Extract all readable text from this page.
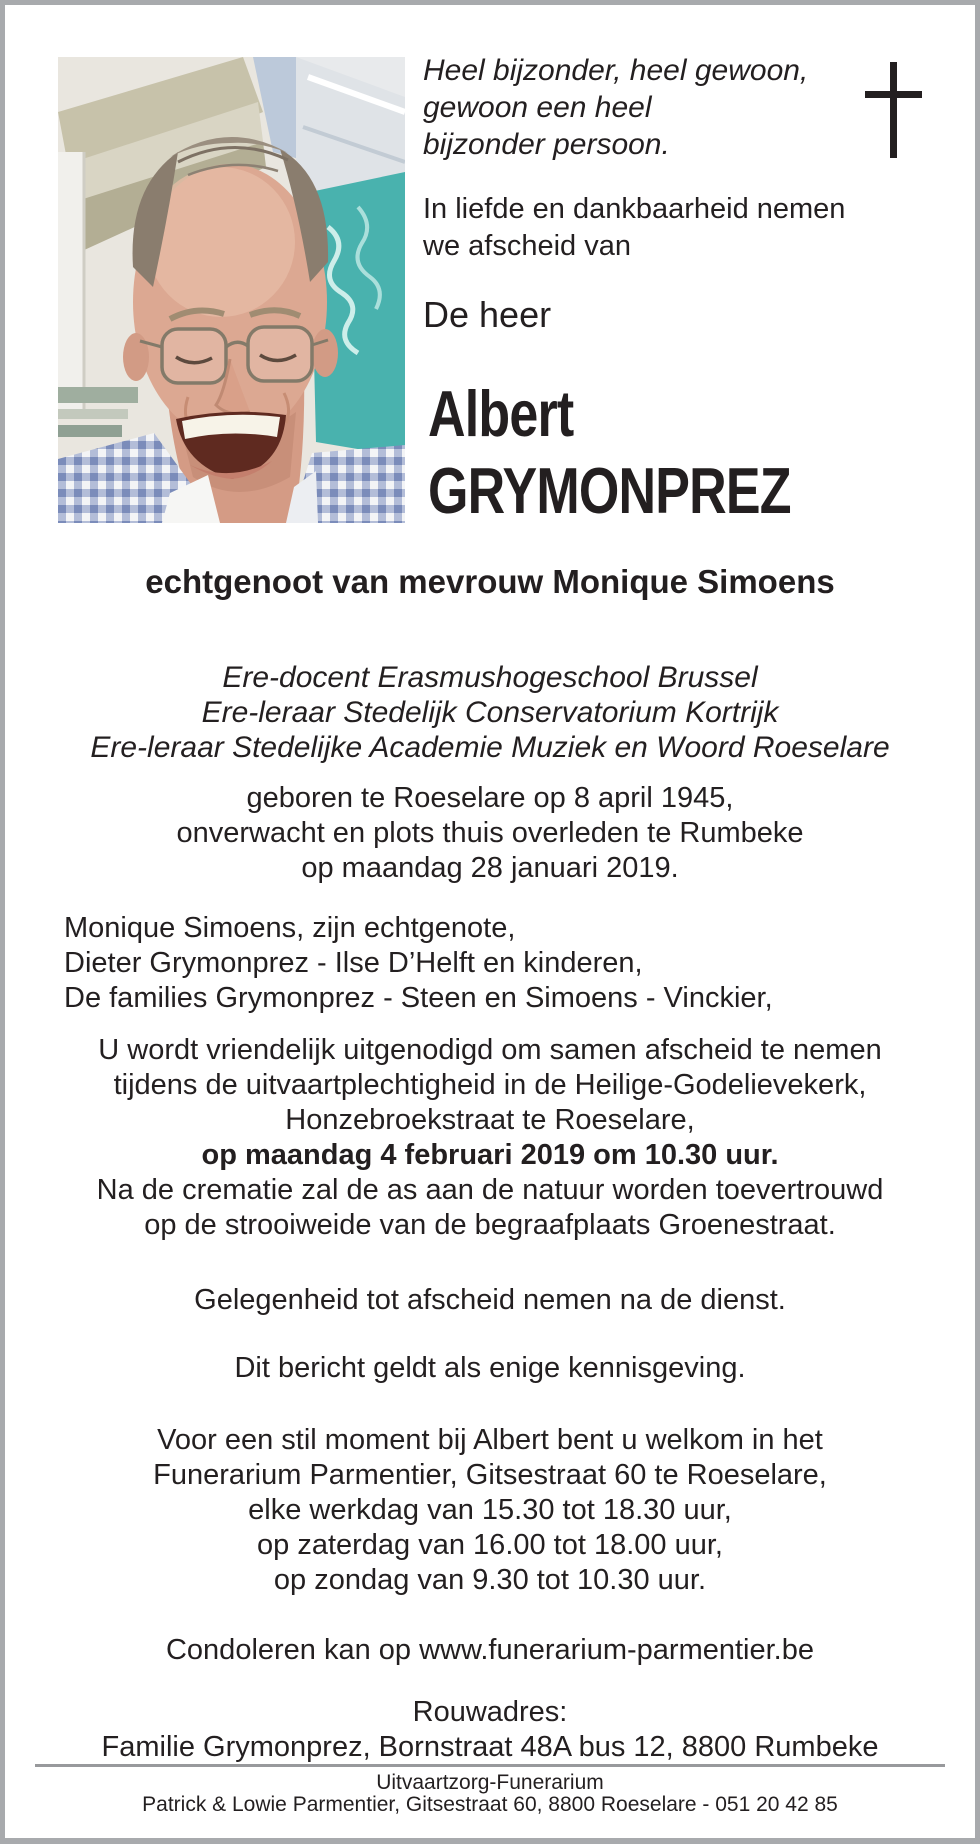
Heel bijzonder, heel gewoon,
gewoon een heel
bijzonder persoon.
In liefde en dankbaarheid nemen
we afscheid van
De heer
Albert
GRYMONPREZ
echtgenoot van mevrouw Monique Simoens
Ere-docent Erasmushogeschool Brussel
Ere-leraar Stedelijk Conservatorium Kortrijk
Ere-leraar Stedelijke Academie Muziek en Woord Roeselare
geboren te Roeselare op 8 april 1945,
onverwacht en plots thuis overleden te Rumbeke
op maandag 28 januari 2019.
Monique Simoens, zijn echtgenote,
Dieter Grymonprez - Ilse D’Helft en kinderen,
De families Grymonprez - Steen en Simoens - Vinckier,
U wordt vriendelijk uitgenodigd om samen afscheid te nemen
tijdens de uitvaartplechtigheid in de Heilige-Godelievekerk,
Honzebroekstraat te Roeselare,
op maandag 4 februari 2019 om 10.30 uur.
Na de crematie zal de as aan de natuur worden toevertrouwd
op de strooiweide van de begraafplaats Groenestraat.
Gelegenheid tot afscheid nemen na de dienst.
Dit bericht geldt als enige kennisgeving.
Voor een stil moment bij Albert bent u welkom in het
Funerarium Parmentier, Gitsestraat 60 te Roeselare,
elke werkdag van 15.30 tot 18.30 uur,
op zaterdag van 16.00 tot 18.00 uur,
op zondag van 9.30 tot 10.30 uur.
Condoleren kan op www.funerarium-parmentier.be
Rouwadres:
Familie Grymonprez, Bornstraat 48A bus 12, 8800 Rumbeke
Uitvaartzorg-Funerarium
Patrick & Lowie Parmentier, Gitsestraat 60, 8800 Roeselare - 051 20 42 85
